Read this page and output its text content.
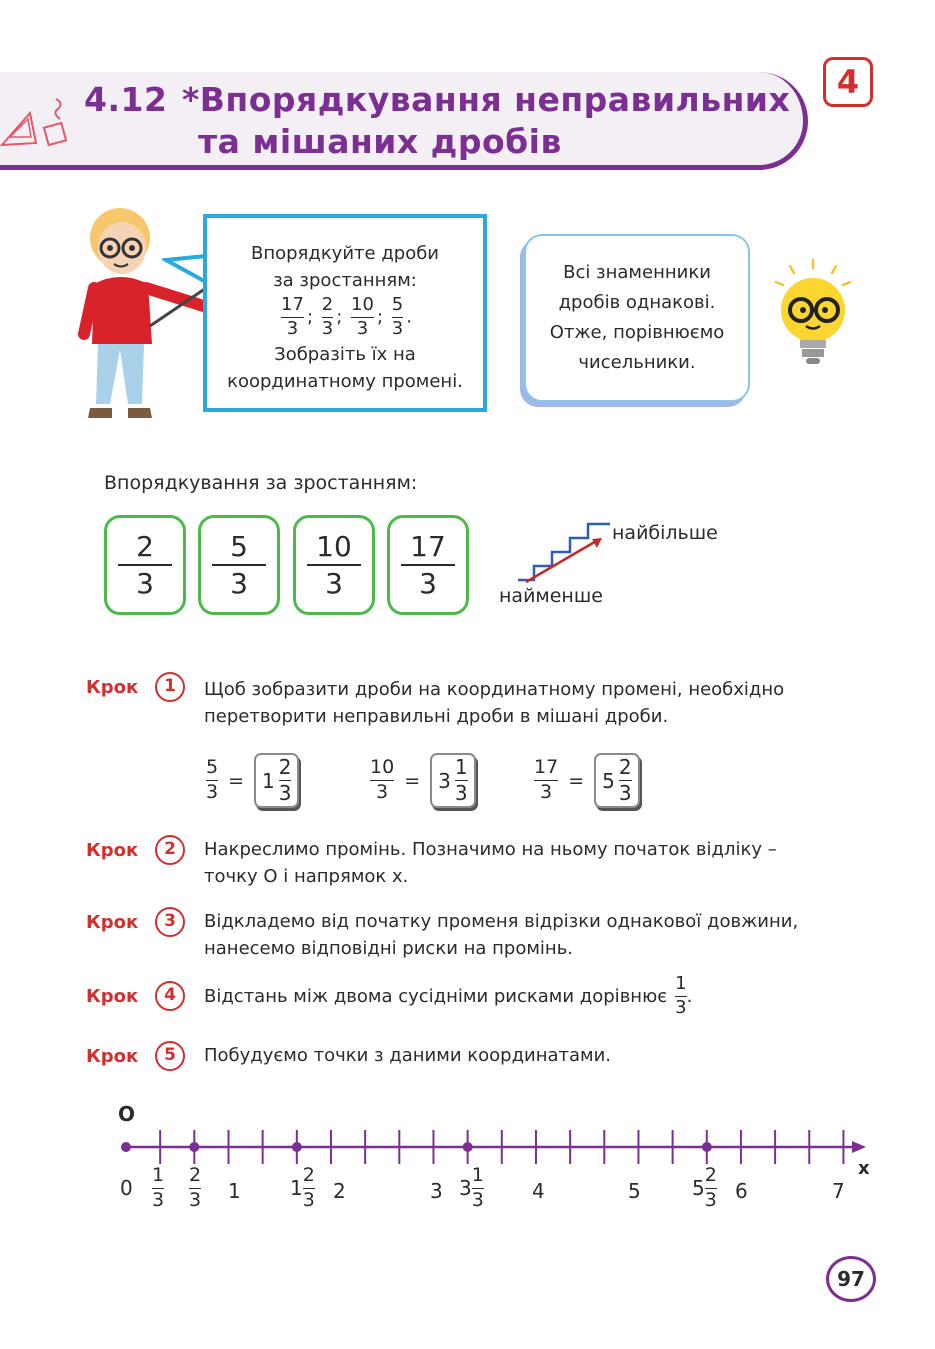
4.12 *Впорядкування неправильних
та мішаних дробів
4
Впорядкуйте дроби
за зростанням:
$\frac{17}{3}$ ; $\frac{2}{3}$ ; $\frac{10}{3}$ ; $\frac{5}{3}$ .
Зобразіть їх на
координатному промені.
Всі знаменники
дробів однакові.
Отже, порівнюємо
чисельники.
Впорядкування за зростанням:
$\frac{2}{3} \frac{5}{3} \frac{10}{3} \frac{17}{3}$	найбільше
найменше
Крок	1	Щоб зобразити дроби на координатному промені, необхідно
перетворити неправильні дроби в мішані дроби.
$\frac{5}{3} = 1 \frac{2}{3}$	$\frac{10}{3} = 3 \frac{1}{3}$	$\frac{17}{3} = 5 \frac{2}{3}$
Крок	2	Накреслимо промінь. Позначимо на ньому початок відліку –
точку О і напрямок х.
Крок	3	Відкладемо від початку променя відрізки однакової довжини,
нанесемо відповідні риски на промінь.
Крок	4	Відстань між двома сусідніми рисками дорівнює $\frac{1}{3}$ .
Крок	5	Побудуємо точки з даними координатами.
O
x
0	1	2	3	4	5	6	7
$\frac{1}{3} \frac{2}{3}$	$1 \frac{2}{3}$	$3 \frac{1}{3}$	$5 \frac{2}{3}$
97
